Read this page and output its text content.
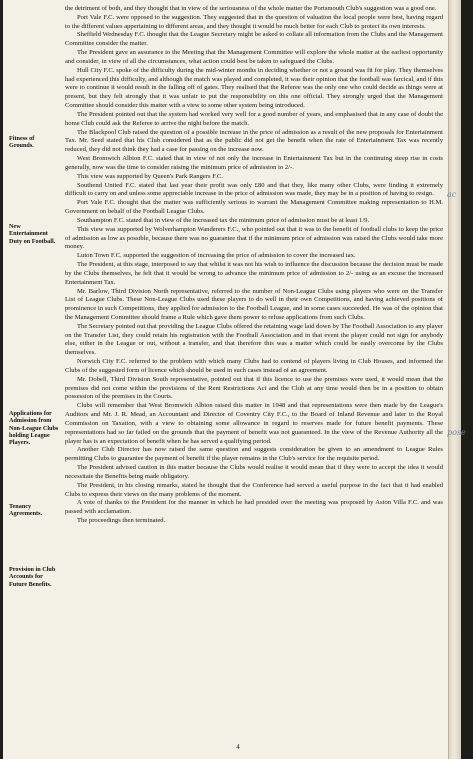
Fitness of Grounds.
New Entertainment Duty on Football.
Applications for Admission from Non-League Clubs holding League Players.
Tenancy Agreements.
Provision in Club Accounts for Future Benefits.

the detriment of both, and they thought that in view of the seriousness of the whole matter the Portsmouth Club's suggestion was a good one.

Port Vale F.C. were opposed to the suggestion. They suggested that in the question of valuation the local people were best, having regard to the different values appertaining to different areas, and they thought it would be much better for each Club to protect its own interests.

Sheffield Wednesday F.C. thought that the League Secretary might be asked to collate all information from the Clubs and the Management Committee consider the matter.

The President gave an assurance to the Meeting that the Management Committee will explore the whole matter at the earliest opportunity and consider, in view of all the circumstances, what action could best be taken to safeguard the Clubs.

Hull City F.C. spoke of the difficulty during the mid-winter months in deciding whether or not a ground was fit for play. They themselves had experienced this difficulty, and although the match was played and completed, it was their opinion that the football was farcical, and if this were to continue it would result in the falling off of gates. They realised that the Referee was the only one who could decide as things were at present, but they felt strongly that it was unfair to put the responsibility on this one official. They strongly urged that the Management Committee should consider this matter with a view to some other system being introduced.

The President pointed out that the system had worked very well for a good number of years, and emphasised that in any case of doubt the home Club could ask the Referee to arrive the night before the match.

The Blackpool Club raised the question of a possible increase in the price of admission as a result of the new proposals for Entertainment Tax. Mr. Seed stated that his Club considered that as the public did not get the benefit when the rate of Entertainment Tax was recently reduced, they did not think they had a case for passing on the increase now.

West Bromwich Albion F.C. stated that in view of not only the increase in Entertainment Tax but in the continuing steep rise in costs generally, now was the time to consider raising the minimum price of admission to 2/-.

This view was supported by Queen's Park Rangers F.C.

Southend United F.C. stated that last year their profit was only £80 and that they, like many other Clubs, were finding it extremely difficult to carry on and unless some appreciable increase in the price of admission was made, they may be in a position of having to resign.

Port Vale F.C. thought that the matter was sufficiently serious to warrant the Management Committee making representation to H.M. Government on behalf of the Football League Clubs.

Southampton F.C. stated that in view of the increased tax the minimum price of admission must be at least 1/9.

This view was supported by Wolverhampton Wanderers F.C., who pointed out that it was to the benefit of football clubs to keep the price of admission as low as possible, because there was no guarantee that if the minimum price of admission was raised the Clubs would take more money.

Luton Town F.C. supported the suggestion of increasing the price of admission to cover the increased tax.

The President, at this stage, interposed to say that whilst it was not his wish to influence the discussion because the decision must be made by the Clubs themselves, he felt that it would be wrong to advance the minimum price of admission to 2/- using as an excuse the increased Entertainment Tax.

Mr. Barlow, Third Division North representative, referred to the number of Non-League Clubs using players who were on the Transfer List of League Clubs. These Non-League Clubs used these players to do well in their own Competitions, and having achieved positions of prominence in such Competitions, they applied for admission to the Football League, and in some cases succeeded. He was of the opinion that the Management Committee should frame a Rule which gave them power to refuse applications from such Clubs.

The Secretary pointed out that providing the League Clubs offered the retaining wage laid down by The Football Association to any player on the Transfer List, they could retain his registration with the Football Association and in that event the player could not sign for anybody else, either in the League or out, without a transfer, and that therefore this was a matter which could be easily overcome by the Clubs themselves.

Norwich City F.C. referred to the problem with which many Clubs had to contend of players living in Club Houses, and informed the Clubs of the suggested form of licence which should be used in such cases instead of an agreement.

Mr. Dobell, Third Division South representative, pointed out that if this licence to use the premises were used, it would mean that the premises did not come within the provisions of the Rent Restrictions Act and the Club at any time would then be in a position to obtain possession of the premises in the Courts.

Clubs will remember that West Bromwich Albion raised this matter in 1948 and that representations were then made by the League's Auditors and Mr. J. R. Mead, an Accountant and Director of Coventry City F.C., to the Board of Inland Revenue and later to the Royal Commission on Taxation, with a view to obtaining some allowance in regard to reserves made for future benefit payments. These representations had so far failed on the grounds that the payment of benefit was not guaranteed. In the view of the Revenue Authority all the player has is an expectation of benefit when he has served a qualifying period.

Another Club Director has now raised the same question and suggests consideration be given to an amendment to League Rules permitting Clubs to guarantee the payment of benefit if the player remains in the Club's service for the requisite period.

The President advised caution in this matter because the Clubs would realise it would mean that if they were to accept the idea it would necessitate the Benefits being made obligatory.

The President, in his closing remarks, stated he thought that the Conference had served a useful purpose in the fact that it had enabled Clubs to express their views on the many problems of the moment.

A vote of thanks to the President for the manner in which he had presided over the meeting was proposed by Aston Villa F.C. and was passed with acclamation.

The proceedings then terminated.

ac
pose
4
